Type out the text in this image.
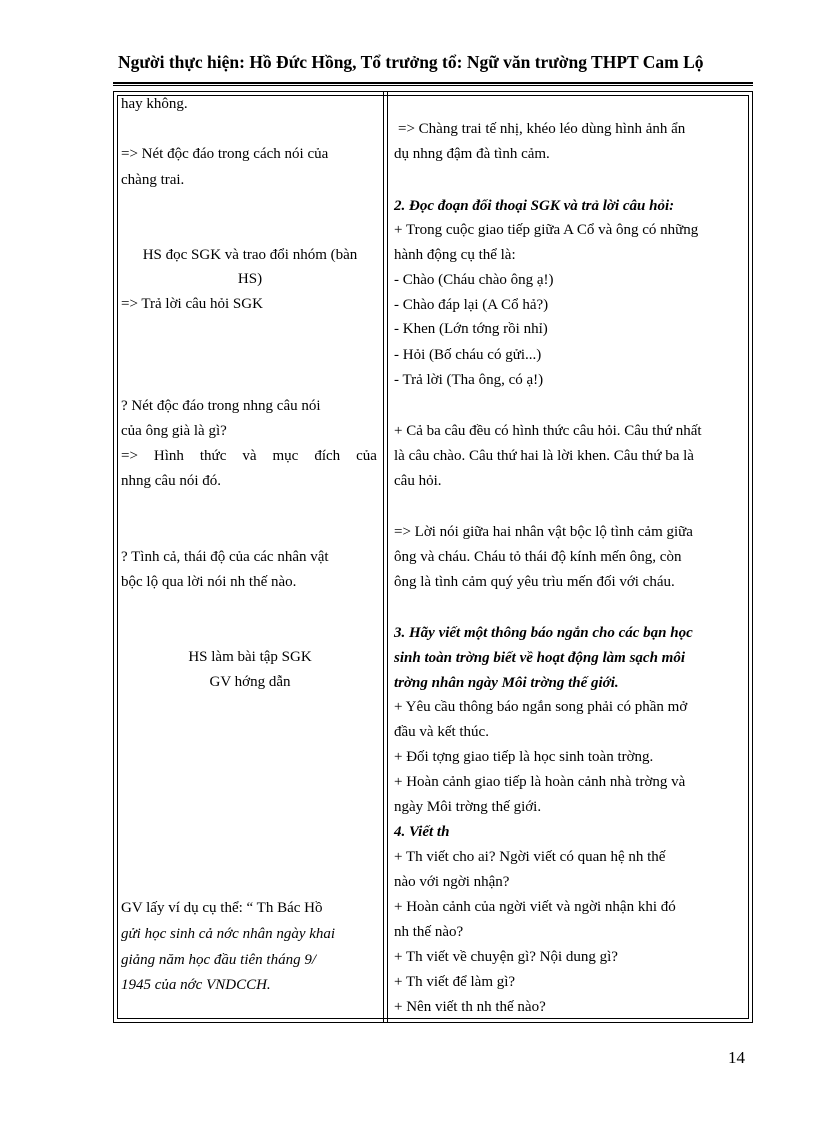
Người thực hiện: Hồ Đức Hồng, Tổ trưởng tổ: Ngữ văn trường THPT Cam Lộ
hay không.
=> Nét độc đáo trong cách nói của
chàng trai.
HS đọc SGK và trao đổi nhóm (bàn
HS)
=> Trả lời câu hỏi SGK
? Nét độc đáo trong nhng câu nói
của ông già là gì?
=> Hình thức và mục đích của
nhng câu nói đó.
? Tình cả, thái độ của các nhân vật
bộc lộ qua lời nói nh thế nào.
HS làm bài tập SGK
GV hớng dẫn
GV lấy ví dụ cụ thể: “ Th Bác Hồ
gửi học sinh cả nớc nhân ngày khai
giảng năm học đầu tiên tháng 9/
1945 của nớc VNDCCH.
=> Chàng trai tế nhị, khéo léo dùng hình ảnh ẩn
dụ nhng đậm đà tình cảm.
2. Đọc đoạn đối thoại SGK và trả lời câu hỏi:
+ Trong cuộc giao tiếp giữa A Cổ và ông có những
hành động cụ thể là:
- Chào (Cháu chào ông ạ!)
- Chào đáp lại (A Cổ hả?)
- Khen (Lớn tớng rồi nhỉ)
- Hỏi (Bố cháu có gửi...)
- Trả lời (Tha ông, có ạ!)
+ Cả ba câu đều có hình thức câu hỏi. Câu thứ nhất
là câu chào. Câu thứ hai là lời khen. Câu thứ ba là
câu hỏi.
=> Lời nói giữa hai nhân vật bộc lộ tình cảm giữa
ông và cháu. Cháu tỏ thái độ kính mến ông, còn
ông là tình cảm quý yêu trìu mến đối với cháu.
3. Hãy viết một thông báo ngắn cho các bạn học
sinh toàn trờng biết về hoạt động làm sạch môi
trờng nhân ngày Môi trờng thế giới.
+ Yêu cầu thông báo ngắn song phải có phần mở
đầu và kết thúc.
+ Đối tợng giao tiếp là học sinh toàn trờng.
+ Hoàn cảnh giao tiếp là hoàn cảnh nhà trờng và
ngày Môi trờng thế giới.
4. Viết th
+ Th viết cho ai? Ngời viết có quan hệ nh thế
nào với ngời nhận?
+ Hoàn cảnh của ngời viết và ngời nhận khi đó
nh thế nào?
+ Th viết về chuyện gì? Nội dung gì?
+ Th viết để làm gì?
+ Nên viết th nh thế nào?
14
